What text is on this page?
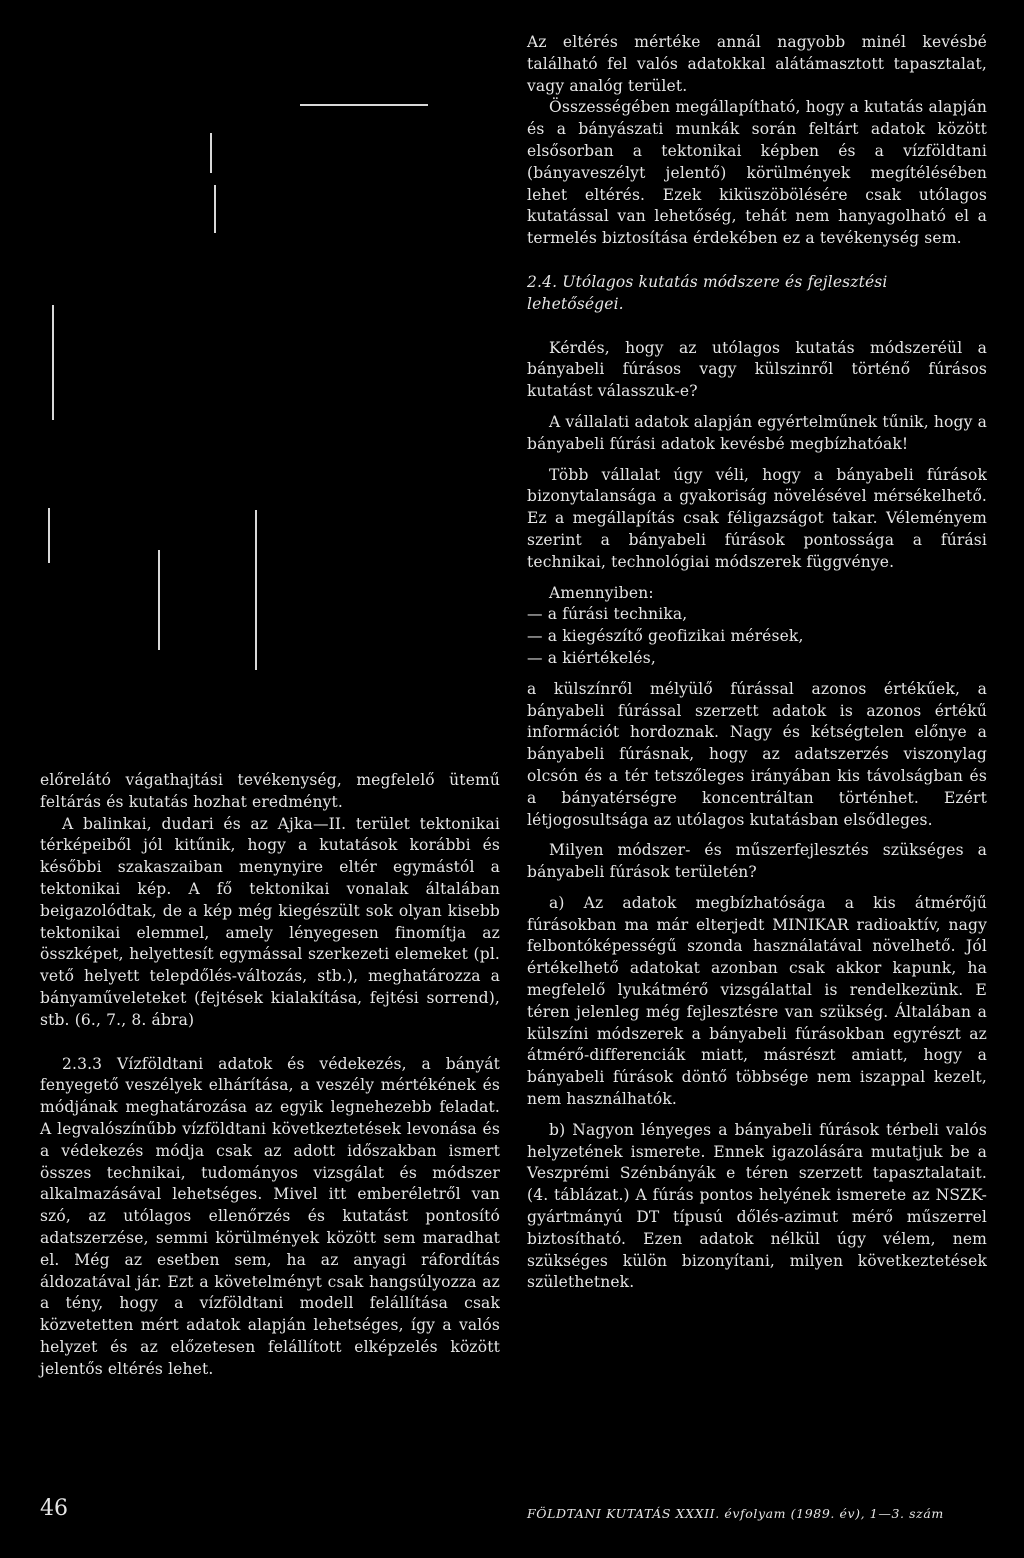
Az eltérés mértéke annál nagyobb minél kevésbé található fel valós adatokkal alátámasztott tapasztalat, vagy analóg terület.

Összességében megállapítható, hogy a kutatás alapján és a bányászati munkák során feltárt adatok között elsősorban a tektonikai képben és a vízföldtani (bányaveszélyt jelentő) körülmények megítélésében lehet eltérés. Ezek kiküszöbölésére csak utólagos kutatással van lehetőség, tehát nem hanyagolható el a termelés biztosítása érdekében ez a tevékenység sem.

2.4. Utólagos kutatás módszere és fejlesztési lehetőségei.

Kérdés, hogy az utólagos kutatás módszeréül a bányabeli fúrásos vagy külszinről történő fúrásos kutatást válasszuk-e?

A vállalati adatok alapján egyértelműnek tűnik, hogy a bányabeli fúrási adatok kevésbé megbízhatóak!

Több vállalat úgy véli, hogy a bányabeli fúrások bizonytalansága a gyakoriság növelésével mérsékelhető. Ez a megállapítás csak féligazságot takar. Véleményem szerint a bányabeli fúrások pontossága a fúrási technikai, technológiai módszerek függvénye.

Amennyiben:

— a fúrási technika,

— a kiegészítő geofizikai mérések,

— a kiértékelés,

a külszínről mélyülő fúrással azonos értékűek, a bányabeli fúrással szerzett adatok is azonos értékű információt hordoznak. Nagy és kétségtelen előnye a bányabeli fúrásnak, hogy az adatszerzés viszonylag olcsón és a tér tetszőleges irányában kis távolságban és a bányatérségre koncentráltan történhet. Ezért létjogosultsága az utólagos kutatásban elsődleges.

Milyen módszer- és műszerfejlesztés szükséges a bányabeli fúrások területén?

a) Az adatok megbízhatósága a kis átmérőjű fúrásokban ma már elterjedt MINIKAR radioaktív, nagy felbontóképességű szonda használatával növelhető. Jól értékelhető adatokat azonban csak akkor kapunk, ha megfelelő lyukátmérő vizsgálattal is rendelkezünk. E téren jelenleg még fejlesztésre van szükség. Általában a külszíni módszerek a bányabeli fúrásokban egyrészt az átmérő-differenciák miatt, másrészt amiatt, hogy a bányabeli fúrások döntő többsége nem iszappal kezelt, nem használhatók.

b) Nagyon lényeges a bányabeli fúrások térbeli valós helyzetének ismerete. Ennek igazolására mutatjuk be a Veszprémi Szénbányák e téren szerzett tapasztalatait. (4. táblázat.) A fúrás pontos helyének ismerete az NSZK-gyártmányú DT típusú dőlés-azimut mérő műszerrel biztosítható. Ezen adatok nélkül úgy vélem, nem szükséges külön bizonyítani, milyen következtetések születhetnek.

előrelátó vágathajtási tevékenység, megfelelő ütemű feltárás és kutatás hozhat eredményt.

A balinkai, dudari és az Ajka—II. terület tektonikai térképeiből jól kitűnik, hogy a kutatások korábbi és későbbi szakaszaiban menynyire eltér egymástól a tektonikai kép. A fő tektonikai vonalak általában beigazolódtak, de a kép még kiegészült sok olyan kisebb tektonikai elemmel, amely lényegesen finomítja az összképet, helyettesít egymással szerkezeti elemeket (pl. vető helyett telepdőlés-változás, stb.), meghatározza a bányaműveleteket (fejtések kialakítása, fejtési sorrend), stb. (6., 7., 8. ábra)

2.3.3 Vízföldtani adatok és védekezés, a bányát fenyegető veszélyek elhárítása, a veszély mértékének és módjának meghatározása az egyik legnehezebb feladat. A legvalószínűbb vízföldtani következtetések levonása és a védekezés módja csak az adott időszakban ismert összes technikai, tudományos vizsgálat és módszer alkalmazásával lehetséges. Mivel itt emberéletről van szó, az utólagos ellenőrzés és kutatást pontosító adatszerzése, semmi körülmények között sem maradhat el. Még az esetben sem, ha az anyagi ráfordítás áldozatával jár. Ezt a követelményt csak hangsúlyozza az a tény, hogy a vízföldtani modell felállítása csak közvetetten mért adatok alapján lehetséges, így a valós helyzet és az előzetesen felállított elképzelés között jelentős eltérés lehet.

46	FÖLDTANI KUTATÁS XXXII. évfolyam (1989. év), 1—3. szám
